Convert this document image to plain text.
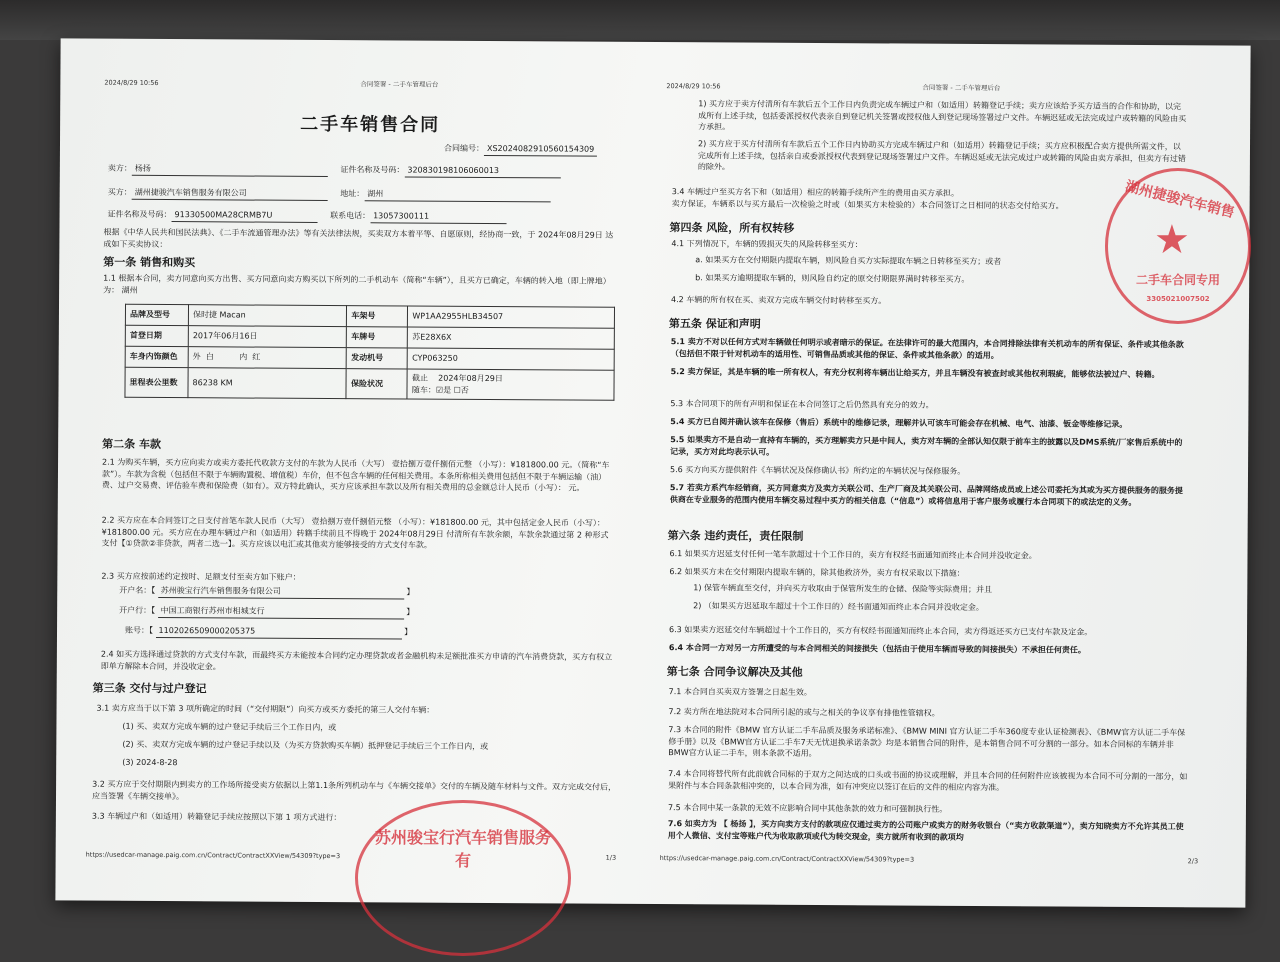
2024/8/29 10:56	合同签署 - 二手车管理后台
二手车销售合同
合同编号： XS20240829105601543​09
卖方： 杨扬	证件名称及号码： 320830198106060013
买方： 湖州捷骏汽车销售服务有限公司	地址： 湖州
证件名称及号码： 91330500MA28CRMB7U	联系电话： 13057300111
根据《中华人民共和国民法典》、《二手车流通管理办法》等有关法律法规，买卖双方本着平等、自愿原则，经协商一致，于 2024年08月29日 达成如下买卖协议：
第一条 销售和购买
1.1 根据本合同，卖方同意向买方出售、买方同意向卖方购买以下所列的二手机动车（简称“车辆”），且买方已确定，车辆的转入地（即上牌地）为： 湖州
品牌及型号	保时捷 Macan	车架号	WP1AA2955HLB34507
首登日期	2017年06月16日	车牌号	苏E28X6X
车身内饰颜色	外  白          内  红	发动机号	CYP063250
里程表公里数	86238 KM	保险状况	截止    2024年08月29日
随车：☑是 ☐否
第二条 车款
2.1 为购买车辆，买方应向卖方或卖方委托代收款方支付的车款为人民币（大写） 壹拾捌万壹仟捌佰元整 （小写）：¥181800.00 元。（简称“车款”）。车款为含税（包括但不限于车辆购置税、增值税）车价，但不包含车辆的任何相关费用。本条所称相关费用包括但不限于车辆运输（油）费、过户交易费、评估验车费和保险费（如有）。双方特此确认，买方应该承担车款以及所有相关费用的总金额总计人民币（小写）： 元。
2.2 买方应在本合同签订之日支付首笔车款人民币（大写） 壹拾捌万壹仟捌佰元整 （小写）：¥181800.00 元，其中包括定金人民币（小写）：¥181800.00 元。买方应在办理车辆过户和（如适用）转籍手续前且不得晚于 2024年08月29日 付清所有车款余额，车款余款通过第 2 种形式支付【①贷款②非贷款，两者二选一】。买方应该以电汇或其他卖方能够接受的方式支付车款。
2.3 买方应按前述约定按时、足额支付至卖方如下账户：
开户名：【 苏州骏宝行汽车销售服务有限公司	】
开户行：【 中国工商银行苏州市相城支行	】
账号：【 1102026509000205375	】
2.4 如买方选择通过贷款的方式支付车款，而最终买方未能按本合同约定办理贷款或者金融机构未足额批准买方申请的汽车消费贷款，买方有权立即单方解除本合同，并没收定金。
第三条 交付与过户登记
3.1 卖方应当于以下第 3 项所确定的时间（“交付期限”）向买方或买方委托的第三人交付车辆：
(1) 买、卖双方完成车辆的过户登记手续后三个工作日内，或
(2) 买、卖双方完成车辆的过户登记手续以及（为买方贷款购买车辆）抵押登记手续后三个工作日内，或
(3) 2024-8-28
3.2 买方应于交付期限内到卖方的工作场所接受卖方依据以上第1.1条所列机动车与《车辆交接单》交付的车辆及随车材料与文件。双方完成交付后，应当签署《车辆交接单》。
3.3 车辆过户和（如适用）转籍登记手续应按照以下第 1 项方式进行：
https://usedcar-manage.paig.com.cn/Contract/ContractXXView/54309?type=3	1/3
2024/8/29 10:56	合同签署 - 二手车管理后台
1) 买方应于卖方付清所有车款后五个工作日内负责完成车辆过户和（如适用）转籍登记手续；卖方应该给予买方适当的合作和协助，以完成所有上述手续，包括委派授权代表亲自到登记机关签署或授权他人到登记现场签署过户文件。车辆迟延或无法完成过户或转籍的风险由买方承担。
2) 买方应于买方付清所有车款后五个工作日内协助买方完成车辆过户和（如适用）转籍登记手续；买方应积极配合卖方提供所需文件，以完成所有上述手续，包括亲自或委派授权代表到登记现场签署过户文件。车辆迟延或无法完成过户或转籍的风险由卖方承担，但卖方有过错的除外。
3.4 车辆过户至买方名下和（如适用）相应的转籍手续所产生的费用由买方承担。
卖方保证，车辆系以与买方最后一次检验之时或（如果买方未检验的）本合同签订之日相同的状态交付给买方。
第四条 风险，所有权转移
4.1 下列情况下，车辆的毁损灭失的风险转移至买方：
a. 如果买方在交付期限内提取车辆，则风险自买方实际提取车辆之日转移至买方；或者
b. 如果买方逾期提取车辆的，则风险自约定的原交付期限界满时转移至买方。
4.2 车辆的所有权在买、卖双方完成车辆交付时转移至买方。
第五条 保证和声明
5.1 卖方不对以任何方式对车辆做任何明示或者暗示的保证。在法律许可的最大范围内，本合同排除法律有关机动车的所有保证、条件或其他条款（包括但不限于针对机动车的适用性、可销售品质或其他的保证、条件或其他条款）的适用。
5.2 卖方保证，其是车辆的唯一所有权人，有充分权利将车辆出让给买方，并且车辆没有被查封或其他权利瑕疵，能够依法被过户、转籍。
5.3 本合同项下的所有声明和保证在本合同签订之后仍然具有充分的效力。
5.4 买方已自阅并确认该车在保修（售后）系统中的维修记录，理解并认可该车可能会存在机械、电气、油漆、钣金等维修记录。
5.5 如果卖方不是自动一直持有车辆的，买方理解卖方只是中间人，卖方对车辆的全部认知仅限于前车主的披露以及DMS系统/厂家售后系统中的记录，买方对此均表示认可。
5.6 买方向买方提供附件《车辆状况及保修确认书》所约定的车辆状况与保修服务。
5.7 若卖方系汽车经销商，买方同意卖方及卖方关联公司、生产厂商及其关联公司、品牌网络成员或上述公司委托为其或为买方提供服务的服务提供商在专业服务的范围内使用车辆交易过程中买方的相关信息（“信息”）或将信息用于客户服务或履行本合同项下的或法定的义务。
第六条 违约责任，责任限制
6.1 如果买方迟延支付任何一笔车款超过十个工作日的，卖方有权经书面通知而终止本合同并没收定金。
6.2 如果买方未在交付期限内提取车辆的，除其他救济外，卖方有权采取以下措施：
1) 保管车辆直至交付，并向买方收取由于保管所发生的仓储、保险等实际费用；并且
2) （如果买方迟延取车超过十个工作日的）经书面通知而终止本合同并没收定金。
6.3 如果卖方迟延交付车辆超过十个工作日的，买方有权经书面通知而终止本合同，卖方得返还买方已支付车款及定金。
6.4 本合同一方对另一方所遭受的与本合同相关的间接损失（包括由于使用车辆而导致的间接损失）不承担任何责任。
第七条 合同争议解决及其他
7.1 本合同自买卖双方签署之日起生效。
7.2 卖方所在地法院对本合同所引起的或与之相关的争议享有排他性管辖权。
7.3 本合同的附件《BMW 官方认证二手车品质及服务承诺标准》、《BMW MINI 官方认证二手车360度专业认证检测表》、《BMW官方认证二手车保修手册》以及《BMW官方认证二手车7天无忧退换承诺条款》均是本销售合同的附件，是本销售合同不可分割的一部分。如本合同标的车辆并非BMW官方认证二手车，则本条款不适用。
7.4 本合同将替代所有此前就合同标的于双方之间达成的口头或书面的协议或理解，并且本合同的任何附件应该被视为本合同不可分割的一部分，如果附件与本合同条款相冲突的，以本合同为准，如有冲突应以签订在后的文件的相应内容为准。
7.5 本合同中某一条款的无效不应影响合同中其他条款的效力和可强制执行性。
7.6 如卖方为 【 杨扬 】，买方向卖方支付的款项应仅通过卖方的公司账户或卖方的财务收银台（“卖方收款渠道”），卖方知晓卖方不允许其员工使用个人微信、支付宝等账户代为收取款项或代为转交现金，卖方就所有收到的款项均
https://usedcar-manage.paig.com.cn/Contract/ContractXXView/54309?type=3	2/3
湖州捷骏汽车销售
★
二手车合同专用
3305021007502
苏州骏宝行汽车销售服务有
